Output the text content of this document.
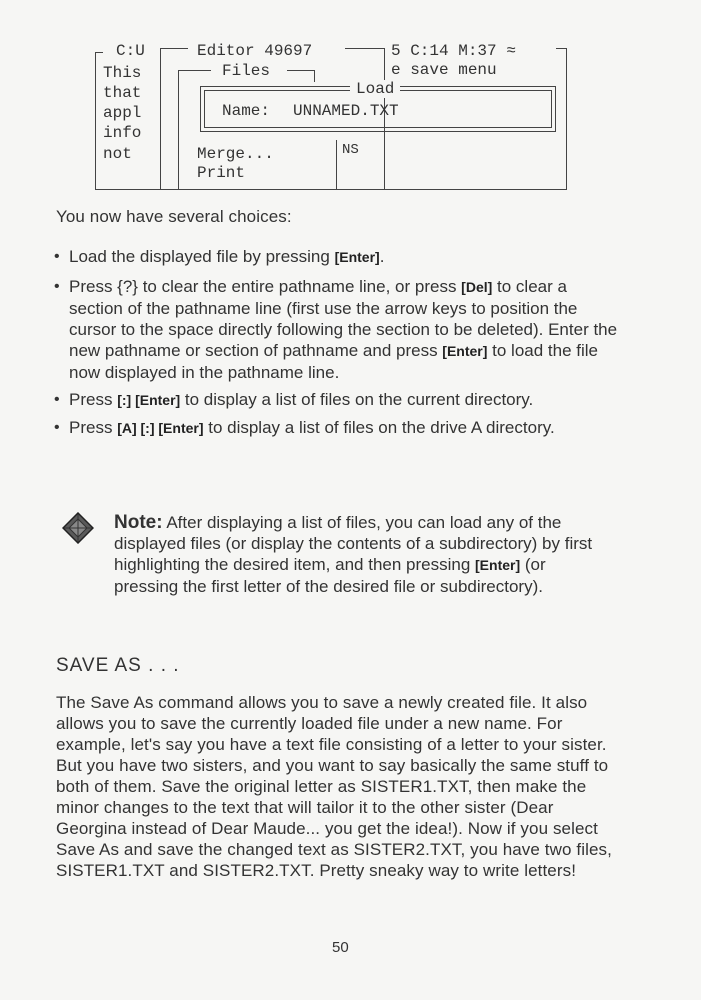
C:U	Editor 49697	5 C:14 M:37 ≈
This
that
appl
info
not
e save menu
Files
Load
Name: UNNAMED.TXT
Merge...
Print
NS
You now have several choices:
• Load the displayed file by pressing [Enter].
• Press {?} to clear the entire pathname line, or press [Del] to clear a section of the pathname line (first use the arrow keys to position the cursor to the space directly following the section to be deleted). Enter the new pathname or section of pathname and press [Enter] to load the file now displayed in the pathname line.
• Press [:] [Enter] to display a list of files on the current directory.
• Press [A] [:] [Enter] to display a list of files on the drive A directory.
Note: After displaying a list of files, you can load any of the displayed files (or display the contents of a subdirectory) by first highlighting the desired item, and then pressing [Enter] (or pressing the first letter of the desired file or subdirectory).
SAVE AS . . .
The Save As command allows you to save a newly created file. It also allows you to save the currently loaded file under a new name. For example, let's say you have a text file consisting of a letter to your sister. But you have two sisters, and you want to say basically the same stuff to both of them. Save the original letter as SISTER1.TXT, then make the minor changes to the text that will tailor it to the other sister (Dear Georgina instead of Dear Maude... you get the idea!). Now if you select Save As and save the changed text as SISTER2.TXT, you have two files, SISTER1.TXT and SISTER2.TXT. Pretty sneaky way to write letters!
50
